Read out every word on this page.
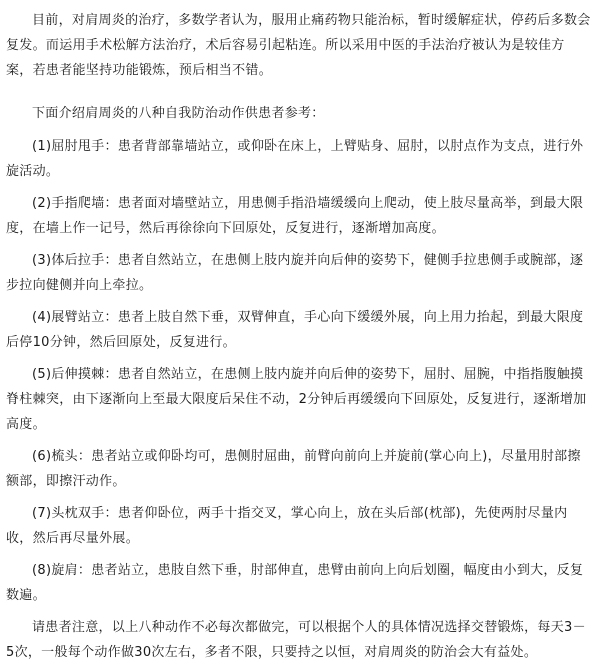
目前，对肩周炎的治疗，多数学者认为，服用止痛药物只能治标，暂时缓解症状，停药后多数会复发。而运用手术松解方法治疗，术后容易引起粘连。所以采用中医的手法治疗被认为是较佳方案，若患者能坚持功能锻炼，预后相当不错。

下面介绍肩周炎的八种自我防治动作供患者参考：

(1)屈肘甩手：患者背部靠墙站立，或仰卧在床上，上臂贴身、屈肘，以肘点作为支点，进行外旋活动。

(2)手指爬墙：患者面对墙壁站立，用患侧手指沿墙缓缓向上爬动，使上肢尽量高举，到最大限度，在墙上作一记号，然后再徐徐向下回原处，反复进行，逐渐增加高度。

(3)体后拉手：患者自然站立，在患侧上肢内旋并向后伸的姿势下，健侧手拉患侧手或腕部，逐步拉向健侧并向上牵拉。

(4)展臂站立：患者上肢自然下垂，双臂伸直，手心向下缓缓外展，向上用力抬起，到最大限度后停10分钟，然后回原处，反复进行。

(5)后伸摸棘：患者自然站立，在患侧上肢内旋并向后伸的姿势下，屈肘、屈腕，中指指腹触摸脊柱棘突，由下逐渐向上至最大限度后呆住不动，2分钟后再缓缓向下回原处，反复进行，逐渐增加高度。

(6)梳头：患者站立或仰卧均可，患侧肘屈曲，前臂向前向上并旋前(掌心向上)，尽量用肘部擦额部，即擦汗动作。

(7)头枕双手：患者仰卧位，两手十指交叉，掌心向上，放在头后部(枕部)，先使两肘尽量内收，然后再尽量外展。

(8)旋肩：患者站立，患肢自然下垂，肘部伸直，患臂由前向上向后划圈，幅度由小到大，反复数遍。

请患者注意，以上八种动作不必每次都做完，可以根据个人的具体情况选择交替锻炼，每天3－5次，一般每个动作做30次左右，多者不限，只要持之以恒，对肩周炎的防治会大有益处。
